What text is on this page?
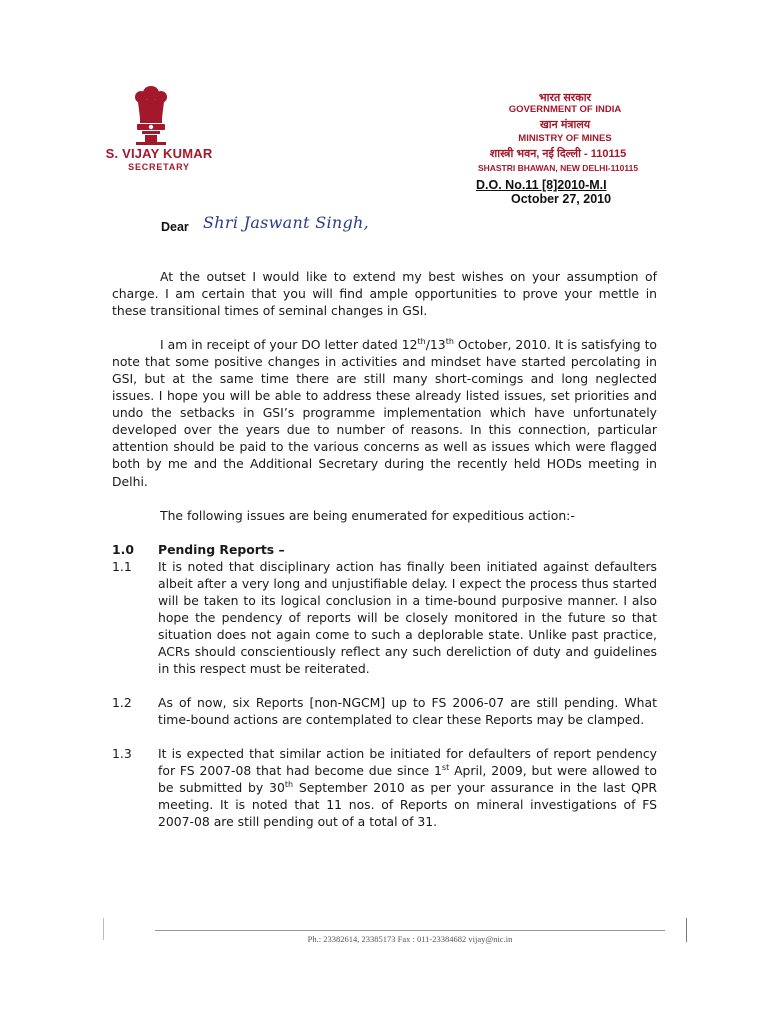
S. VIJAY KUMAR
SECRETARY
भारत सरकार
GOVERNMENT OF INDIA
खान मंत्रालय
MINISTRY OF MINES
शास्त्री भवन, नई दिल्ली - 110115
SHASTRI BHAWAN, NEW DELHI-110115
D.O. No.11 [8]2010-M.I
October 27, 2010
Dear Shri Jaswant Singh,

At the outset I would like to extend my best wishes on your assumption of charge. I am certain that you will find ample opportunities to prove your mettle in these transitional times of seminal changes in GSI.

I am in receipt of your DO letter dated 12th/13th October, 2010. It is satisfying to note that some positive changes in activities and mindset have started percolating in GSI, but at the same time there are still many short-comings and long neglected issues. I hope you will be able to address these already listed issues, set priorities and undo the setbacks in GSI’s programme implementation which have unfortunately developed over the years due to number of reasons. In this connection, particular attention should be paid to the various concerns as well as issues which were flagged both by me and the Additional Secretary during the recently held HODs meeting in Delhi.

The following issues are being enumerated for expeditious action:-

1.0	Pending Reports –
1.1	It is noted that disciplinary action has finally been initiated against defaulters albeit after a very long and unjustifiable delay. I expect the process thus started will be taken to its logical conclusion in a time-bound purposive manner. I also hope the pendency of reports will be closely monitored in the future so that situation does not again come to such a deplorable state. Unlike past practice, ACRs should conscientiously reflect any such dereliction of duty and guidelines in this respect must be reiterated.
1.2	As of now, six Reports [non-NGCM] up to FS 2006-07 are still pending. What time-bound actions are contemplated to clear these Reports may be clamped.
1.3	It is expected that similar action be initiated for defaulters of report pendency for FS 2007-08 that had become due since 1st April, 2009, but were allowed to be submitted by 30th September 2010 as per your assurance in the last QPR meeting. It is noted that 11 nos. of Reports on mineral investigations of FS 2007-08 are still pending out of a total of 31.
Ph.: 23382614, 23385173 Fax : 011-23384682 vijay@nic.in
